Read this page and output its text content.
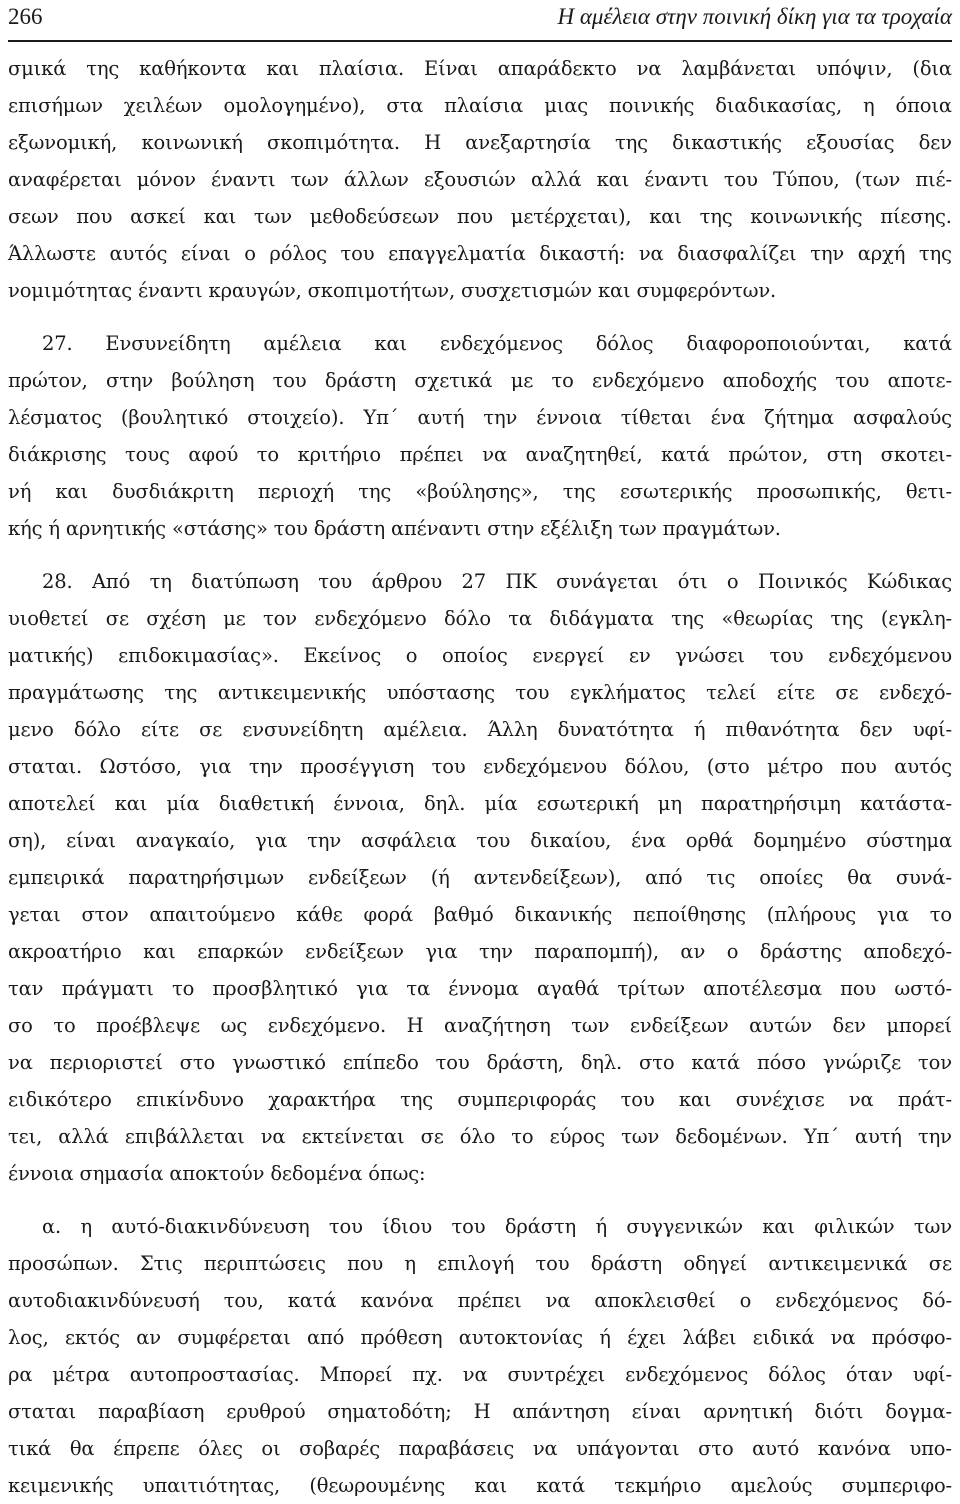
266	Η αμέλεια στην ποινική δίκη για τα τροχαία
σμικά της καθήκοντα και πλαίσια. Είναι απαράδεκτο να λαμβάνεται υπόψιν, (δια
επισήμων χειλέων ομολογημένο), στα πλαίσια μιας ποινικής διαδικασίας, η όποια
εξωνομική, κοινωνική σκοπιμότητα. Η ανεξαρτησία της δικαστικής εξουσίας δεν
αναφέρεται μόνον έναντι των άλλων εξουσιών αλλά και έναντι του Τύπου, (των πιέ-
σεων που ασκεί και των μεθοδεύσεων που μετέρχεται), και της κοινωνικής πίεσης.
Άλλωστε αυτός είναι ο ρόλος του επαγγελματία δικαστή: να διασφαλίζει την αρχή της
νομιμότητας έναντι κραυγών, σκοπιμοτήτων, συσχετισμών και συμφερόντων.
27. Ενσυνείδητη αμέλεια και ενδεχόμενος δόλος διαφοροποιούνται, κατά
πρώτον, στην βούληση του δράστη σχετικά με το ενδεχόμενο αποδοχής του αποτε-
λέσματος (βουλητικό στοιχείο). Υπ΄ αυτή την έννοια τίθεται ένα ζήτημα ασφαλούς
διάκρισης τους αφού το κριτήριο πρέπει να αναζητηθεί, κατά πρώτον, στη σκοτει-
νή και δυσδιάκριτη περιοχή της «βούλησης», της εσωτερικής προσωπικής, θετι-
κής ή αρνητικής «στάσης» του δράστη απέναντι στην εξέλιξη των πραγμάτων.
28. Από τη διατύπωση του άρθρου 27 ΠΚ συνάγεται ότι ο Ποινικός Κώδικας
υιοθετεί σε σχέση με τον ενδεχόμενο δόλο τα διδάγματα της «θεωρίας της (εγκλη-
ματικής) επιδοκιμασίας». Εκείνος ο οποίος ενεργεί εν γνώσει του ενδεχόμενου
πραγμάτωσης της αντικειμενικής υπόστασης του εγκλήματος τελεί είτε σε ενδεχό-
μενο δόλο είτε σε ενσυνείδητη αμέλεια. Άλλη δυνατότητα ή πιθανότητα δεν υφί-
σταται. Ωστόσο, για την προσέγγιση του ενδεχόμενου δόλου, (στο μέτρο που αυτός
αποτελεί και μία διαθετική έννοια, δηλ. μία εσωτερική μη παρατηρήσιμη κατάστα-
ση), είναι αναγκαίο, για την ασφάλεια του δικαίου, ένα ορθά δομημένο σύστημα
εμπειρικά παρατηρήσιμων ενδείξεων (ή αντενδείξεων), από τις οποίες θα συνά-
γεται στον απαιτούμενο κάθε φορά βαθμό δικανικής πεποίθησης (πλήρους για το
ακροατήριο και επαρκών ενδείξεων για την παραπομπή), αν ο δράστης αποδεχό-
ταν πράγματι το προσβλητικό για τα έννομα αγαθά τρίτων αποτέλεσμα που ωστό-
σο το προέβλεψε ως ενδεχόμενο. Η αναζήτηση των ενδείξεων αυτών δεν μπορεί
να περιοριστεί στο γνωστικό επίπεδο του δράστη, δηλ. στο κατά πόσο γνώριζε τον
ειδικότερο επικίνδυνο χαρακτήρα της συμπεριφοράς του και συνέχισε να πράτ-
τει, αλλά επιβάλλεται να εκτείνεται σε όλο το εύρος των δεδομένων. Υπ΄ αυτή την
έννοια σημασία αποκτούν δεδομένα όπως:
α. η αυτό-διακινδύνευση του ίδιου του δράστη ή συγγενικών και φιλικών των
προσώπων. Στις περιπτώσεις που η επιλογή του δράστη οδηγεί αντικειμενικά σε
αυτοδιακινδύνευσή του, κατά κανόνα πρέπει να αποκλεισθεί ο ενδεχόμενος δό-
λος, εκτός αν συμφέρεται από πρόθεση αυτοκτονίας ή έχει λάβει ειδικά να πρόσφο-
ρα μέτρα αυτοπροστασίας. Μπορεί πχ. να συντρέχει ενδεχόμενος δόλος όταν υφί-
σταται παραβίαση ερυθρού σηματοδότη; Η απάντηση είναι αρνητική διότι δογμα-
τικά θα έπρεπε όλες οι σοβαρές παραβάσεις να υπάγονται στο αυτό κανόνα υπο-
κειμενικής υπαιτιότητας, (θεωρουμένης και κατά τεκμήριο αμελούς συμπεριφο-
